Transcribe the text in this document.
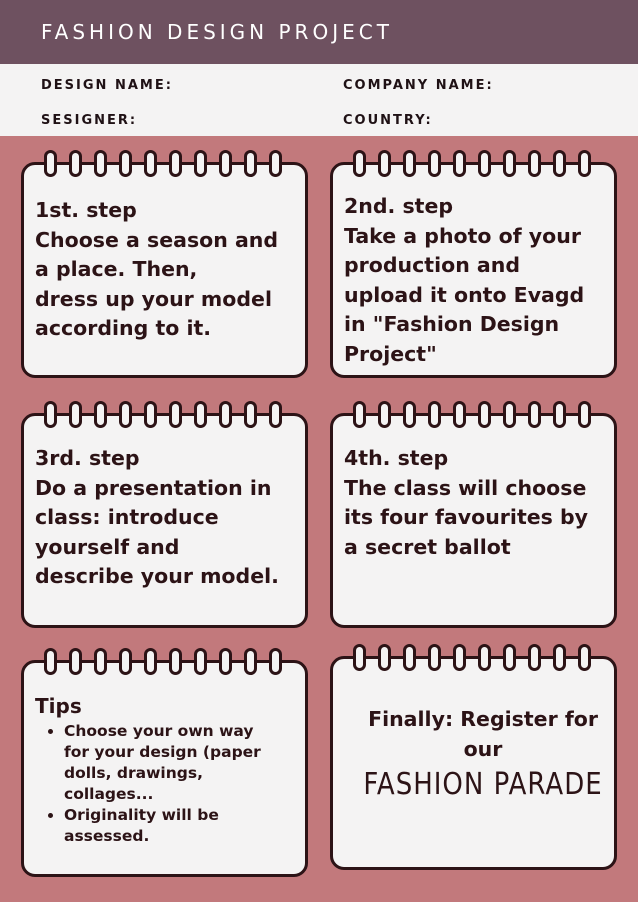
FASHION DESIGN PROJECT
DESIGN NAME:	COMPANY NAME:
SESIGNER:	COUNTRY:
1st. step
Choose a season and
a place. Then,
dress up your model
according to it.
2nd. step
Take a photo of your
production and
upload it onto Evagd
in "Fashion Design
Project"
3rd. step
Do a presentation in
class: introduce
yourself and
describe your model.
4th. step
The class will choose
its four favourites by
a secret ballot
Tips
• Choose your own way
for your design (paper
dolls, drawings,
collages...
• Originality will be
assessed.
Finally: Register for
our
FASHION PARADE
